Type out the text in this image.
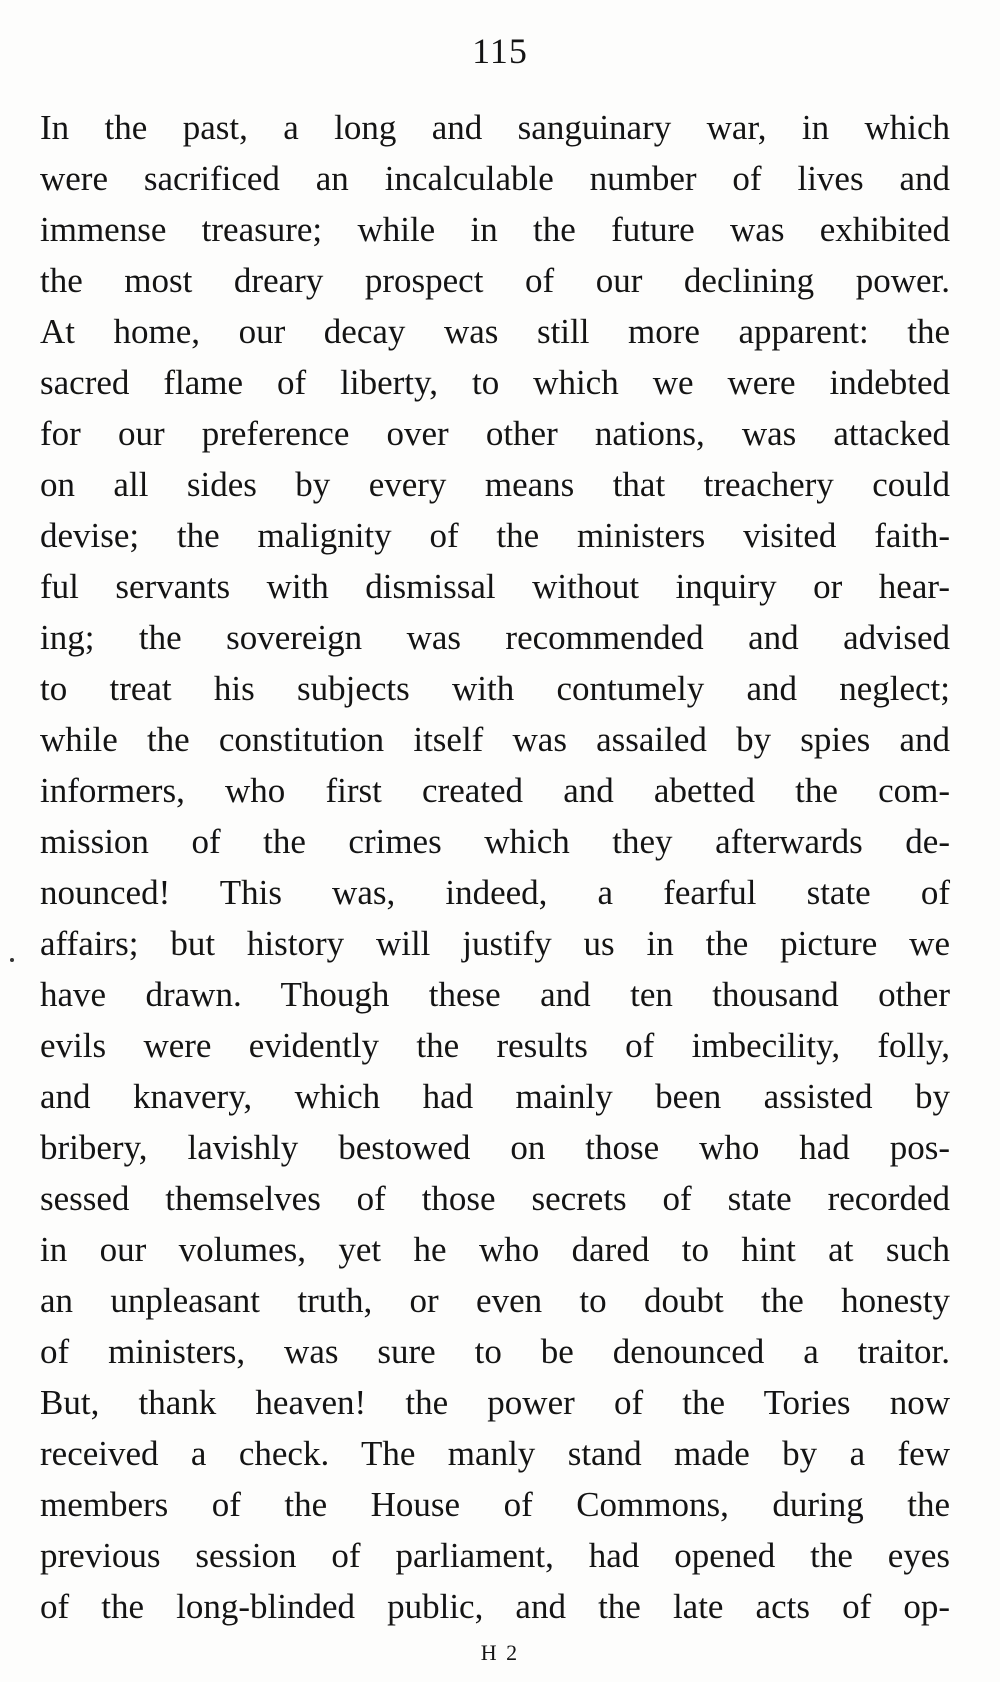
115
In the past, a long and sanguinary war, in which
were sacrificed an incalculable number of lives and
immense treasure; while in the future was exhibited
the most dreary prospect of our declining power.
At home, our decay was still more apparent: the
sacred flame of liberty, to which we were indebted
for our preference over other nations, was attacked
on all sides by every means that treachery could
devise; the malignity of the ministers visited faith-
ful servants with dismissal without inquiry or hear-
ing; the sovereign was recommended and advised
to treat his subjects with contumely and neglect;
while the constitution itself was assailed by spies and
informers, who first created and abetted the com-
mission of the crimes which they afterwards de-
nounced! This was, indeed, a fearful state of
affairs; but history will justify us in the picture we
have drawn. Though these and ten thousand other
evils were evidently the results of imbecility, folly,
and knavery, which had mainly been assisted by
bribery, lavishly bestowed on those who had pos-
sessed themselves of those secrets of state recorded
in our volumes, yet he who dared to hint at such
an unpleasant truth, or even to doubt the honesty
of ministers, was sure to be denounced a traitor.
But, thank heaven! the power of the Tories now
received a check. The manly stand made by a few
members of the House of Commons, during the
previous session of parliament, had opened the eyes
of the long-blinded public, and the late acts of op-
H 2
